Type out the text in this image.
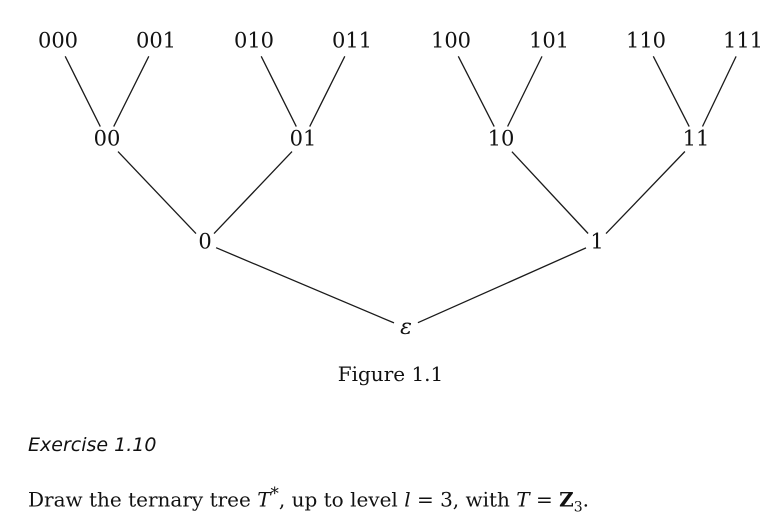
ε
0	1
00	01	10	11
000	001	010	011	100	101	110	111
Figure 1.1
Exercise 1.10
Draw the ternary tree T*, up to level l = 3, with $T = Z_3$.
